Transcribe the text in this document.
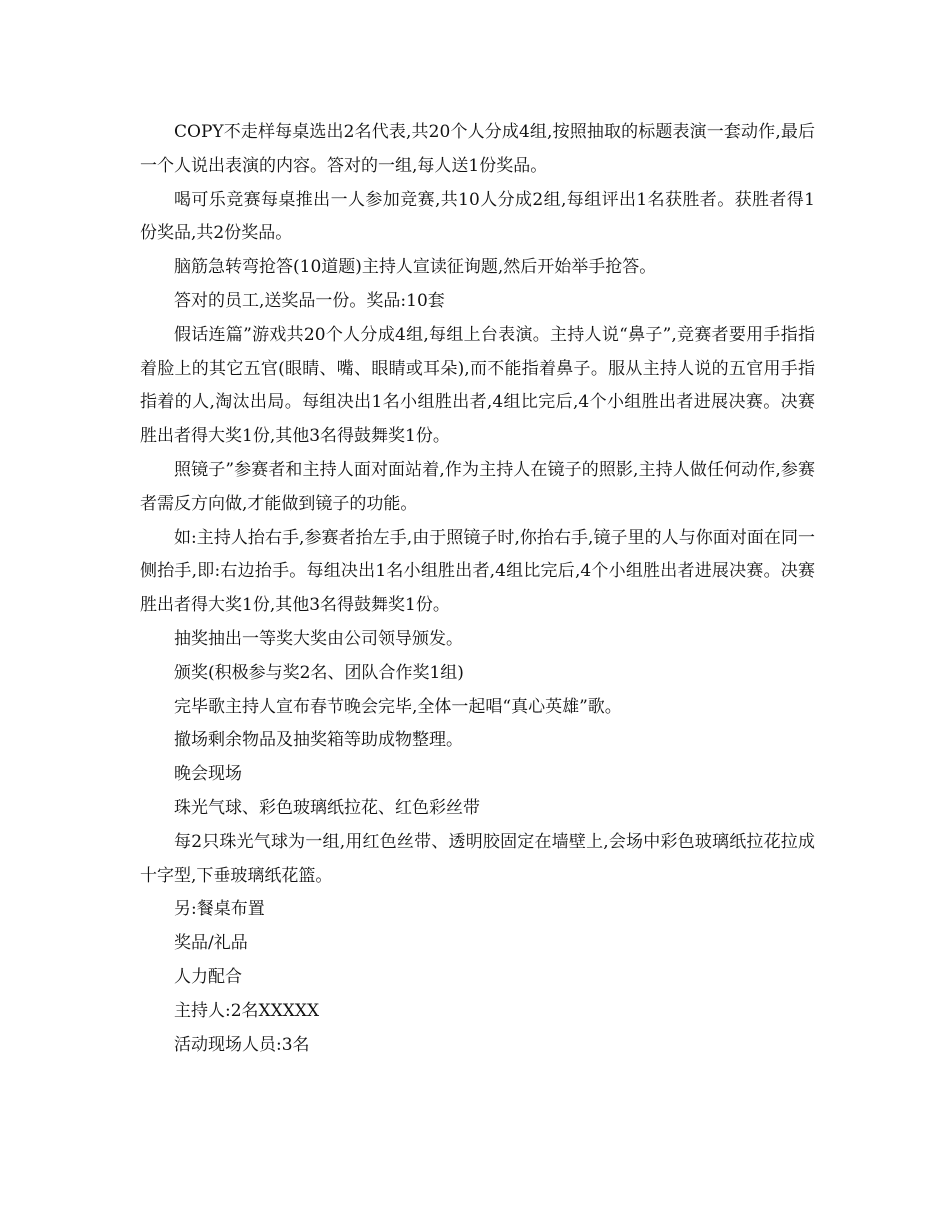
COPY不走样每桌选出2名代表,共20个人分成4组,按照抽取的标题表演一套动作,最后一个人说出表演的内容。答对的一组,每人送1份奖品。

喝可乐竞赛每桌推出一人参加竞赛,共10人分成2组,每组评出1名获胜者。获胜者得1份奖品,共2份奖品。

脑筋急转弯抢答(10道题)主持人宣读征询题,然后开始举手抢答。

答对的员工,送奖品一份。奖品:10套

假话连篇”游戏共20个人分成4组,每组上台表演。主持人说“鼻子”,竞赛者要用手指指着脸上的其它五官(眼睛、嘴、眼睛或耳朵),而不能指着鼻子。服从主持人说的五官用手指指着的人,淘汰出局。每组决出1名小组胜出者,4组比完后,4个小组胜出者进展决赛。决赛胜出者得大奖1份,其他3名得鼓舞奖1份。

照镜子”参赛者和主持人面对面站着,作为主持人在镜子的照影,主持人做任何动作,参赛者需反方向做,才能做到镜子的功能。

如:主持人抬右手,参赛者抬左手,由于照镜子时,你抬右手,镜子里的人与你面对面在同一侧抬手,即:右边抬手。每组决出1名小组胜出者,4组比完后,4个小组胜出者进展决赛。决赛胜出者得大奖1份,其他3名得鼓舞奖1份。

抽奖抽出一等奖大奖由公司领导颁发。

颁奖(积极参与奖2名、团队合作奖1组)

完毕歌主持人宣布春节晚会完毕,全体一起唱“真心英雄”歌。

撤场剩余物品及抽奖箱等助成物整理。

晚会现场

珠光气球、彩色玻璃纸拉花、红色彩丝带

每2只珠光气球为一组,用红色丝带、透明胶固定在墙壁上,会场中彩色玻璃纸拉花拉成十字型,下垂玻璃纸花篮。

另:餐桌布置

奖品/礼品

人力配合

主持人:2名XXXXX

活动现场人员:3名
